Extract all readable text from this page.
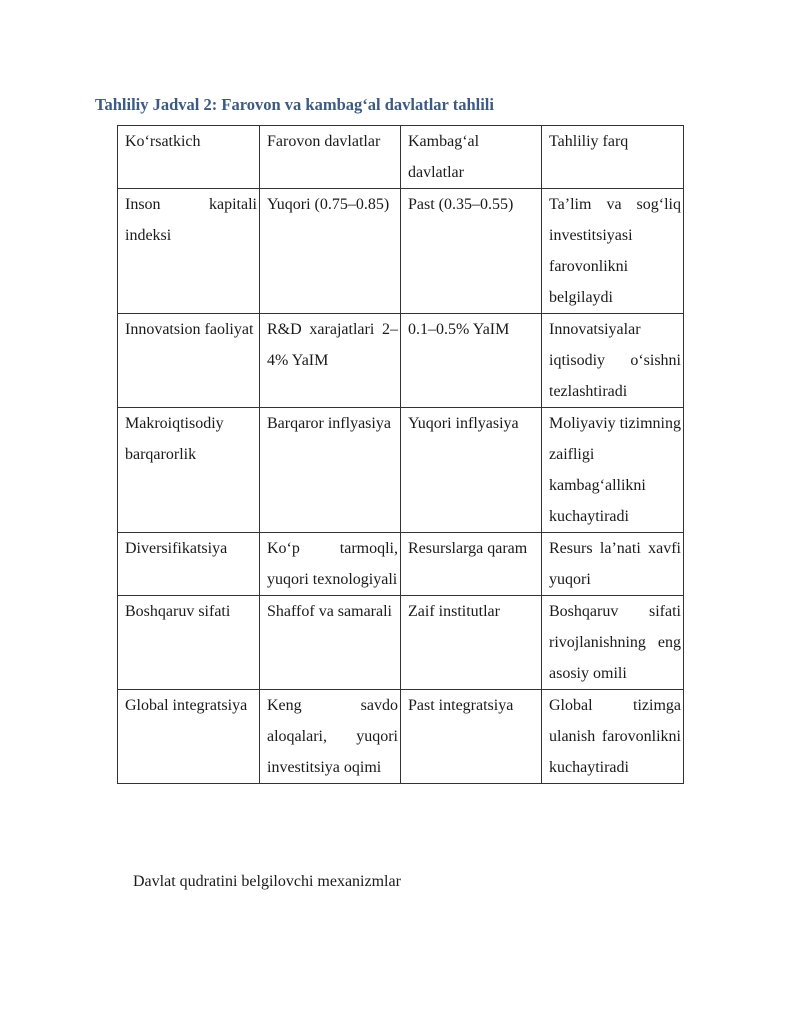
Tahliliy Jadval 2: Farovon va kambag‘al davlatlar tahlili
Ko‘rsatkich	Farovon davlatlar	Kambag‘al davlatlar	Tahliliy farq
Inson kapitali indeksi	Yuqori (0.75–0.85)	Past (0.35–0.55)	Ta’lim va sog‘liq investitsiyasi farovonlikni belgilaydi
Innovatsion faoliyat	R&D xarajatlari 2–4% YaIM	0.1–0.5% YaIM	Innovatsiyalar iqtisodiy o‘sishni tezlashtiradi
Makroiqtisodiy barqarorlik	Barqaror inflyasiya	Yuqori inflyasiya	Moliyaviy tizimning zaifligi kambag‘allikni kuchaytiradi
Diversifikatsiya	Ko‘p tarmoqli, yuqori texnologiyali	Resurslarga qaram	Resurs la’nati xavfi yuqori
Boshqaruv sifati	Shaffof va samarali	Zaif institutlar	Boshqaruv sifati rivojlanishning eng asosiy omili
Global integratsiya	Keng savdo aloqalari, yuqori investitsiya oqimi	Past integratsiya	Global tizimga ulanish farovonlikni kuchaytiradi
Davlat qudratini belgilovchi mexanizmlar
